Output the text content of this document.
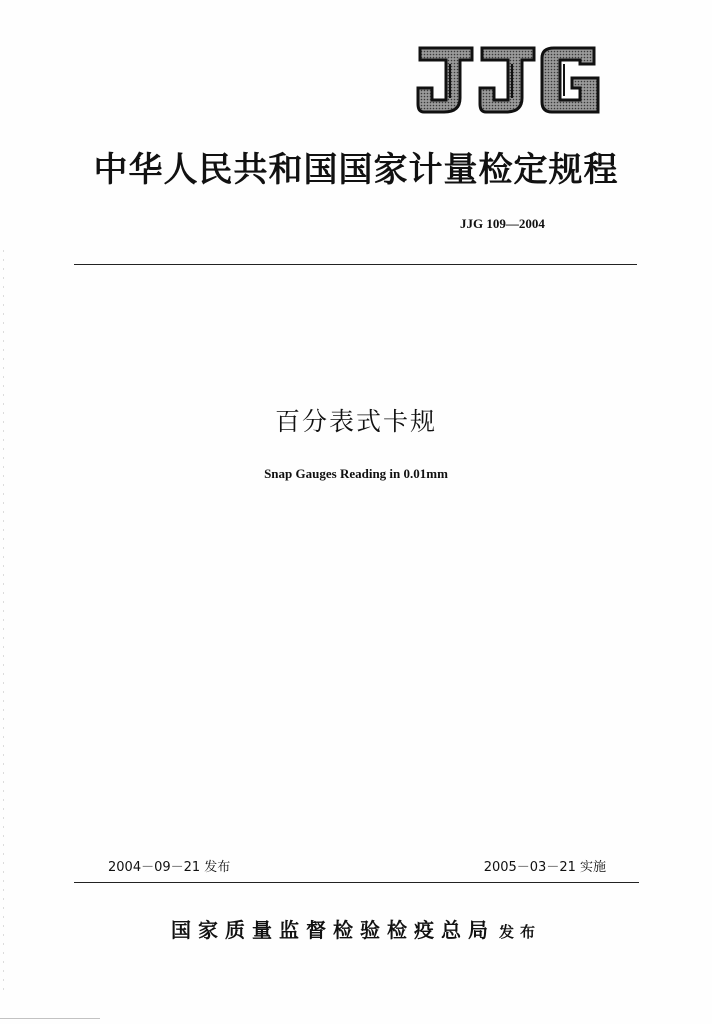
中华人民共和国国家计量检定规程
JJG 109—2004
百分表式卡规
Snap Gauges Reading in 0.01mm
2004－09－21 发布	2005－03－21 实施
国家质量监督检验检疫总局 发布
